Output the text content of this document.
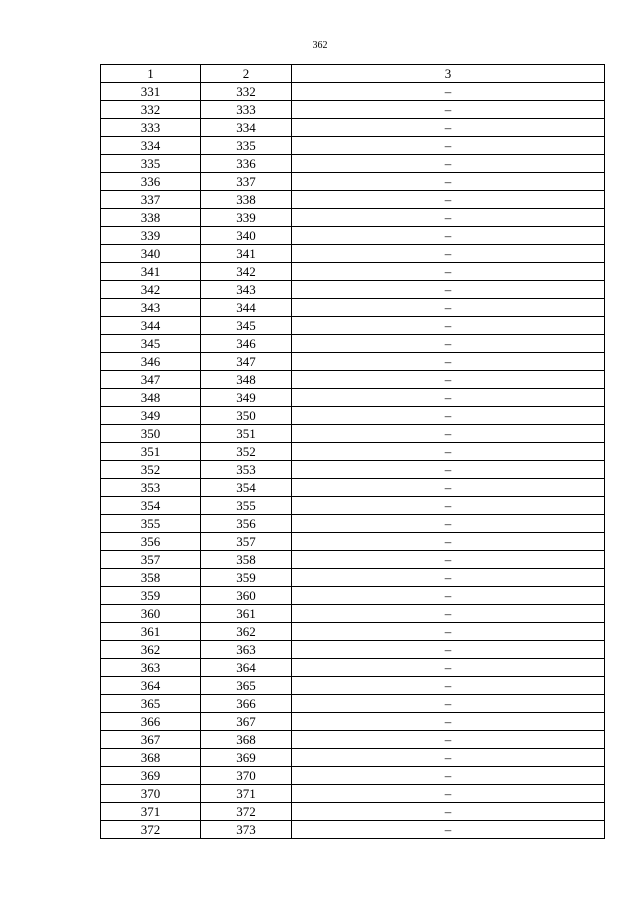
362
1	2	3
331	332	–
332	333	–
333	334	–
334	335	–
335	336	–
336	337	–
337	338	–
338	339	–
339	340	–
340	341	–
341	342	–
342	343	–
343	344	–
344	345	–
345	346	–
346	347	–
347	348	–
348	349	–
349	350	–
350	351	–
351	352	–
352	353	–
353	354	–
354	355	–
355	356	–
356	357	–
357	358	–
358	359	–
359	360	–
360	361	–
361	362	–
362	363	–
363	364	–
364	365	–
365	366	–
366	367	–
367	368	–
368	369	–
369	370	–
370	371	–
371	372	–
372	373	–
